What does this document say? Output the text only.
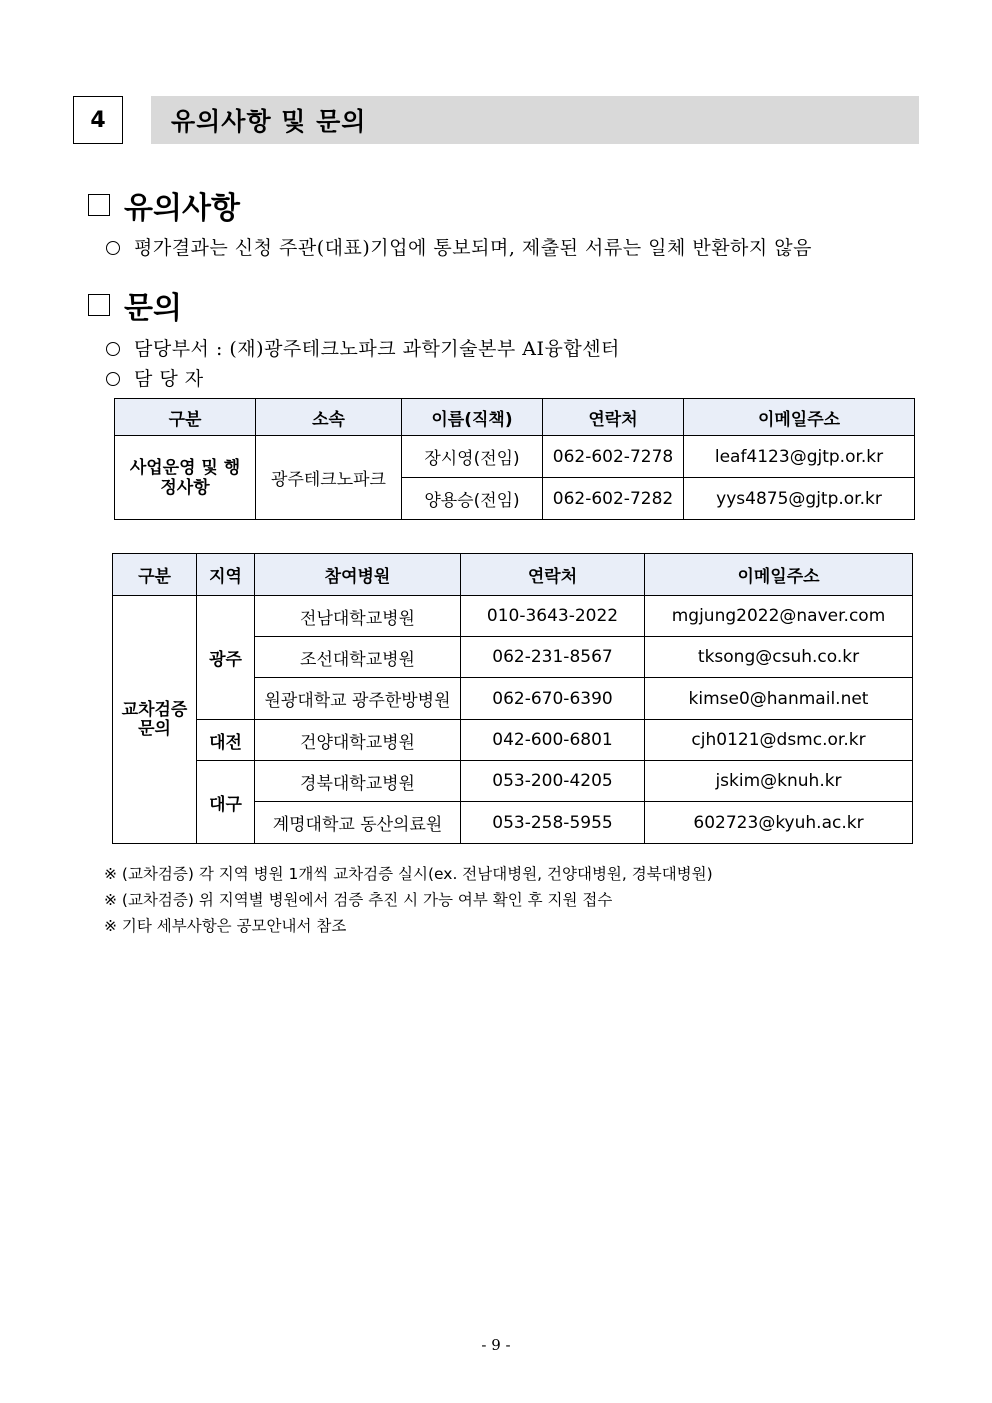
4	유의사항 및 문의
유의사항
평가결과는 신청 주관(대표)기업에 통보되며, 제출된 서류는 일체 반환하지 않음
문의
담당부서 : (재)광주테크노파크 과학기술본부 AI융합센터
담 당 자
구분	소속	이름(직책)	연락처	이메일주소
사업운영 및 행정사항	광주테크노파크	장시영(전임)	062-602-7278	leaf4123@gjtp.or.kr
		양용승(전임)	062-602-7282	yys4875@gjtp.or.kr
구분	지역	참여병원	연락처	이메일주소
교차검증 문의	광주	전남대학교병원	010-3643-2022	mgjung2022@naver.com
		조선대학교병원	062-231-8567	tksong@csuh.co.kr
		원광대학교 광주한방병원	062-670-6390	kimse0@hanmail.net
	대전	건양대학교병원	042-600-6801	cjh0121@dsmc.or.kr
	대구	경북대학교병원	053-200-4205	jskim@knuh.kr
		계명대학교 동산의료원	053-258-5955	602723@kyuh.ac.kr
※ (교차검증) 각 지역 병원 1개씩 교차검증 실시(ex. 전남대병원, 건양대병원, 경북대병원)
※ (교차검증) 위 지역별 병원에서 검증 추진 시 가능 여부 확인 후 지원 접수
※ 기타 세부사항은 공모안내서 참조
- 9 -
